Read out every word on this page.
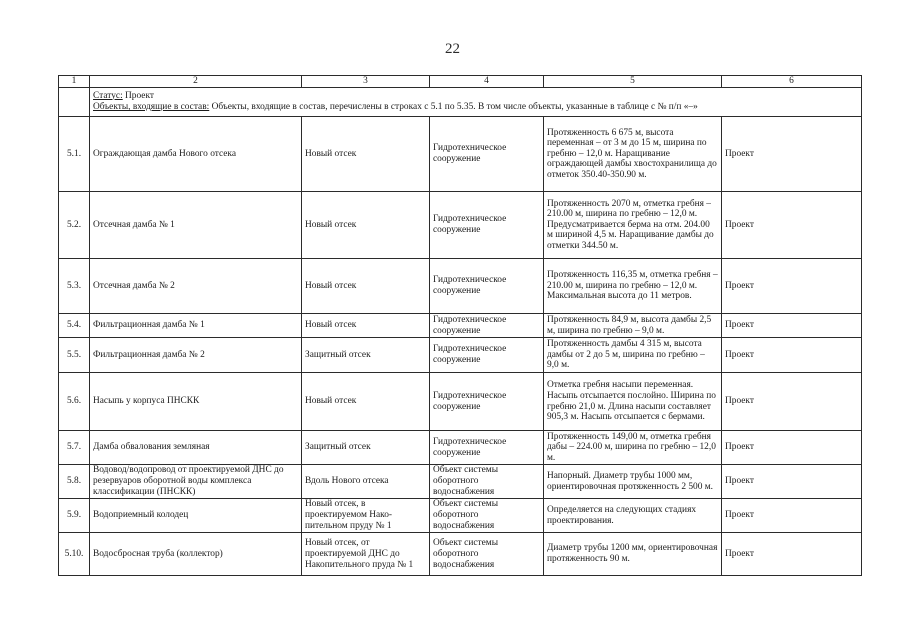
22
1	2	3	4	5	6

	Статус: Проект
Объекты, входящие в состав: Объекты, входящие в состав, перечислены в строках с 5.1 по 5.35. В том числе объекты, указанные в таблице с № п/п «–»				

5.1.	Ограждающая дамба Нового отсека	Новый отсек	Гидротехническое сооружение	Протяженность 6 675 м, высота переменная – от 3 м до 15 м, ширина по гребню – 12,0 м. Наращивание ограждающей дамбы хвостохранилища до отметок 350.40-350.90 м.	Проект
5.2.	Отсечная дамба № 1	Новый отсек	Гидротехническое сооружение	Протяженность 2070 м, отметка гребня – 210.00 м, ширина по гребню – 12,0 м. Предусматривается берма на отм. 204.00 м шириной 4,5 м. Наращивание дамбы до отметки 344.50 м.	Проект
5.3.	Отсечная дамба № 2	Новый отсек	Гидротехническое сооружение	Протяженность 116,35 м, отметка гребня – 210.00 м, ширина по гребню – 12,0 м. Максимальная высота до 11 метров.	Проект
5.4.	Фильтрационная дамба № 1	Новый отсек	Гидротехническое сооружение	Протяженность 84,9 м, высота дамбы 2,5 м, ширина по гребню – 9,0 м.	Проект
5.5.	Фильтрационная дамба № 2	Защитный отсек	Гидротехническое сооружение	Протяженность дамбы 4 315 м, высота дамбы от 2 до 5 м, ширина по гребню – 9,0 м.	Проект
5.6.	Насыпь у корпуса ПНСКК	Новый отсек	Гидротехническое сооружение	Отметка гребня насыпи переменная. Насыпь отсыпается послойно. Ширина по гребню 21,0 м. Длина насыпи составляет 905,3 м. Насыпь отсыпается с бермами.	Проект
5.7.	Дамба обвалования земляная	Защитный отсек	Гидротехническое сооружение	Протяженность 149,00 м, отметка гребня дабы – 224.00 м, ширина по гребню – 12,0 м.	Проект
5.8.	Водовод/водопровод от проектируемой ДНС до резервуаров оборотной воды комплекса классификации (ПНСКК)	Вдоль Нового отсека	Объект системы оборотного водоснабжения	Напорный. Диаметр трубы 1000 мм, ориентировочная протяженность 2 500 м.	Проект
5.9.	Водоприемный колодец	Новый отсек, в проектируемом Нако-пительном пруду № 1	Объект системы оборотного водоснабжения	Определяется на следующих стадиях проектирования.	Проект
5.10.	Водосбросная труба (коллектор)	Новый отсек, от проектируемой ДНС до Накопительного пруда № 1	Объект системы оборотного водоснабжения	Диаметр трубы 1200 мм, ориентировочная протяженность 90 м.	Проект
